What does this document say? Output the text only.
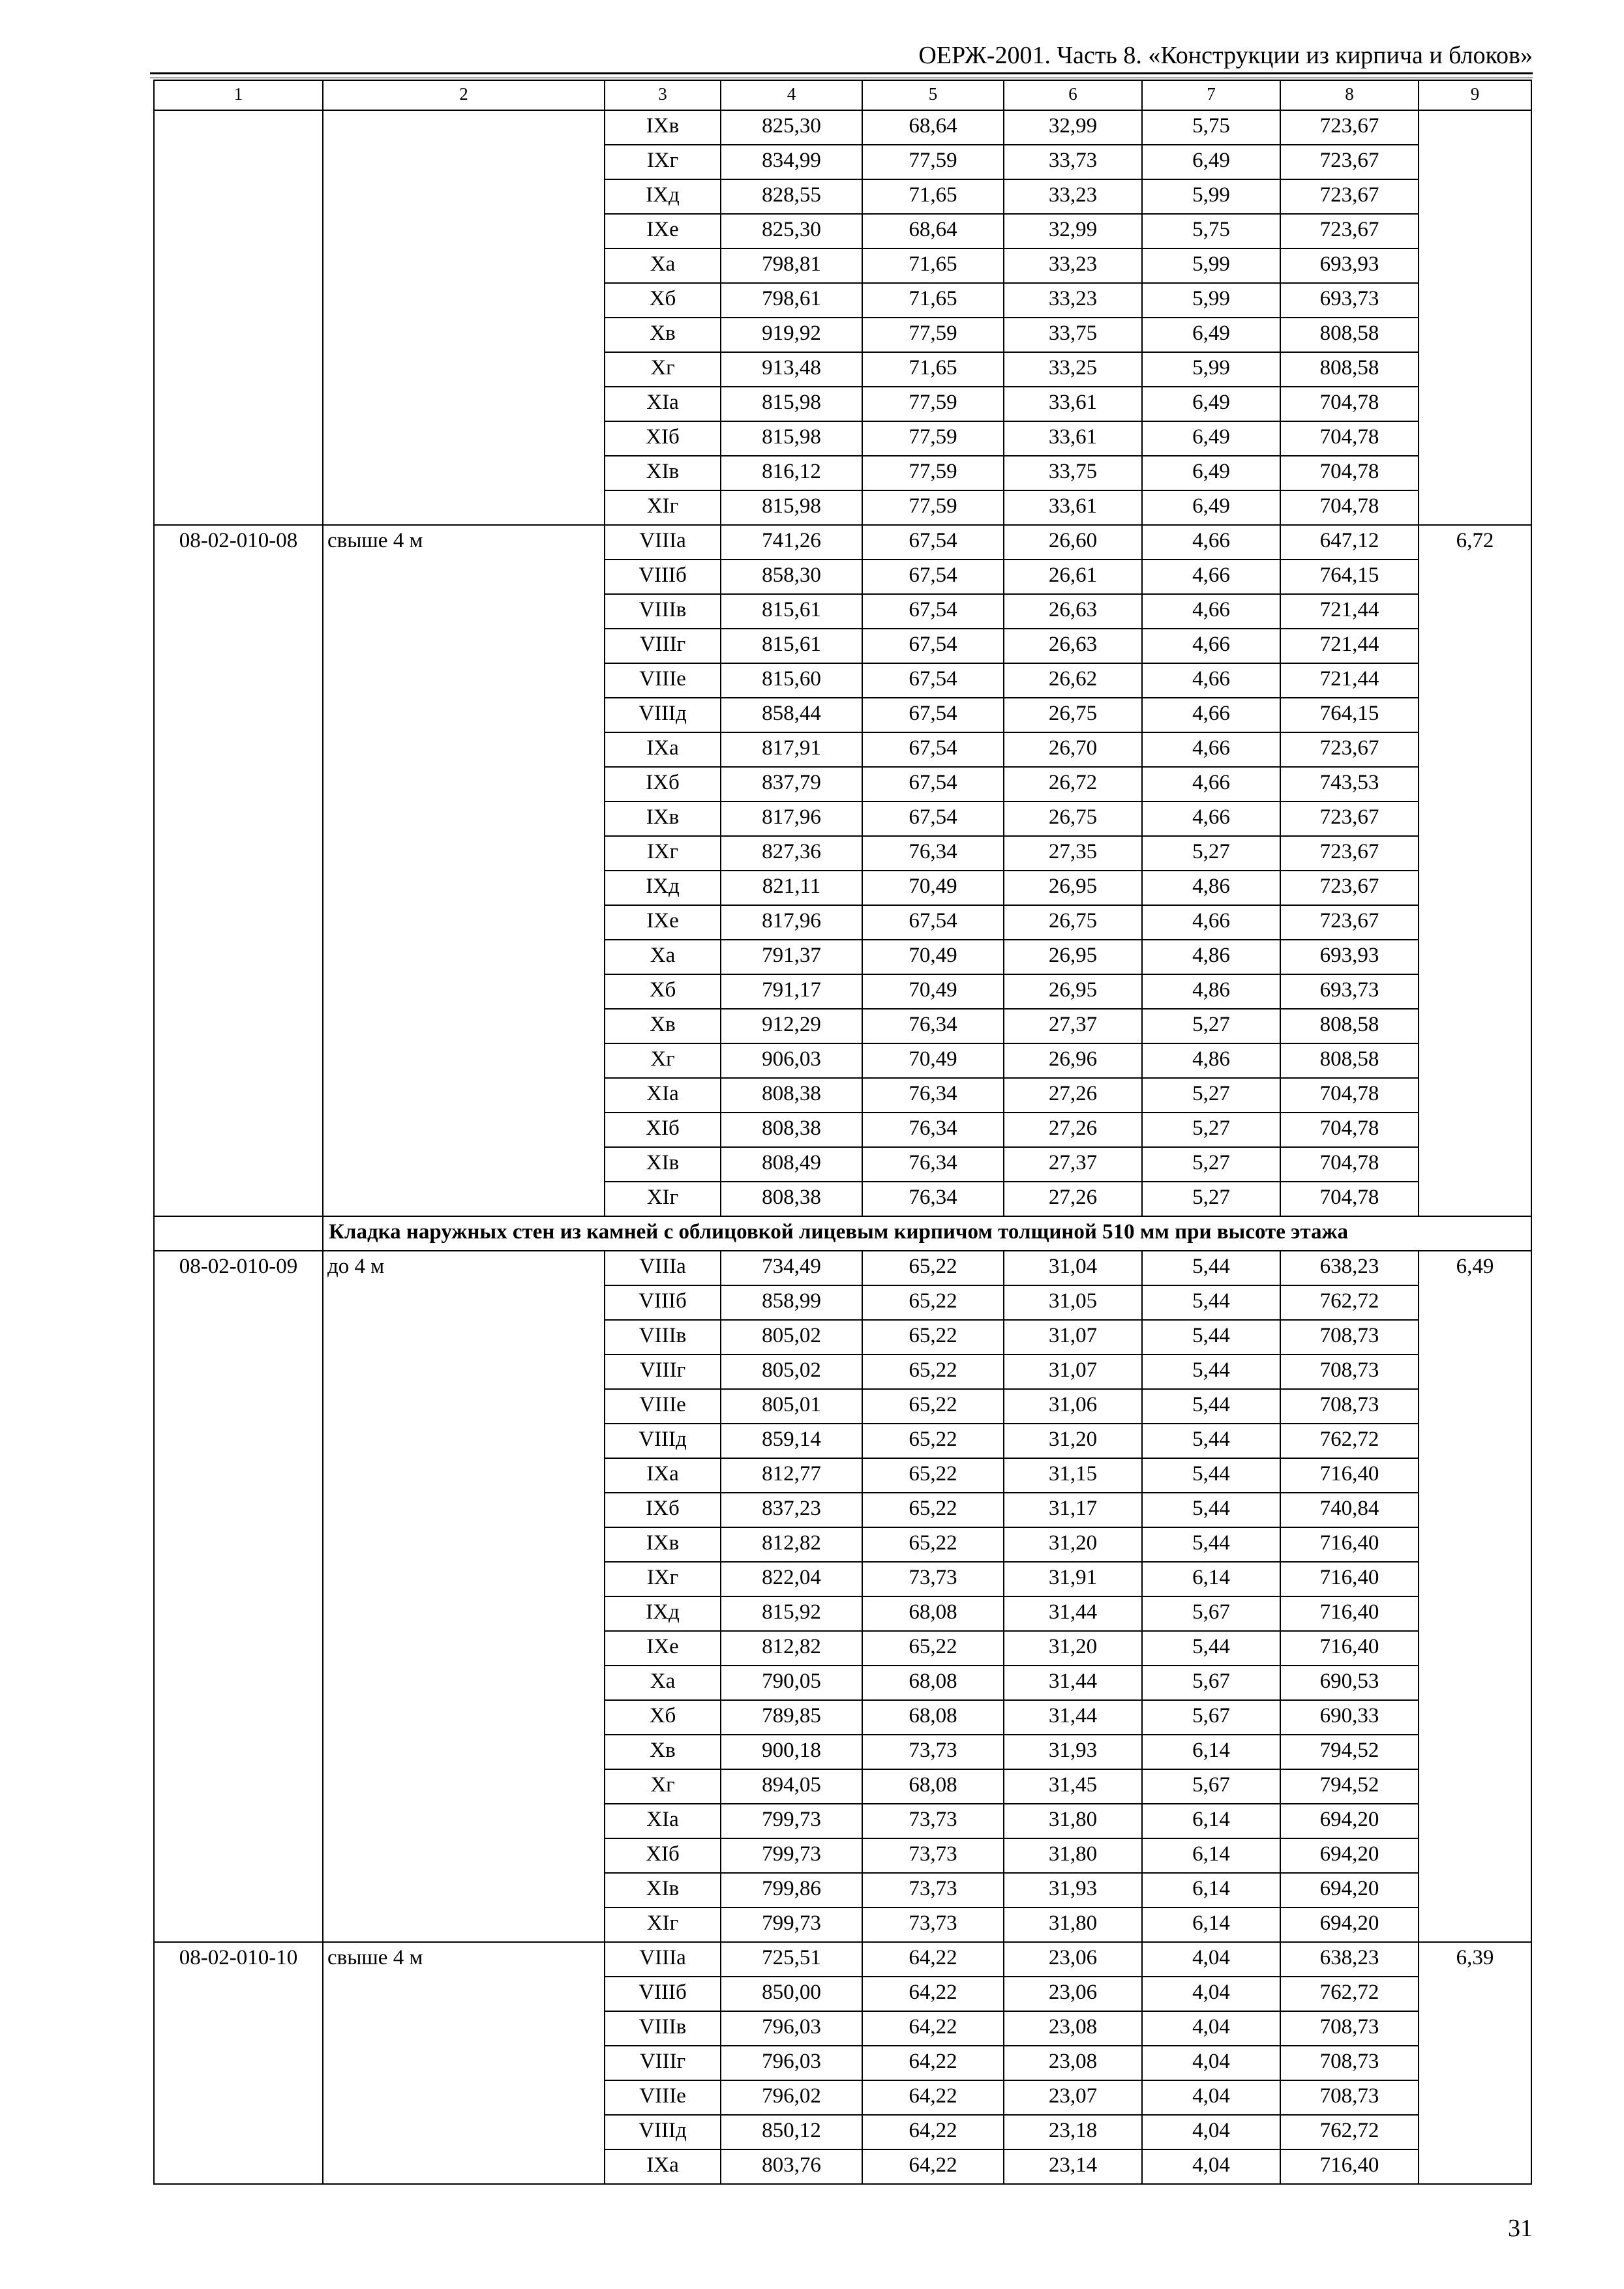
ОЕРЖ-2001. Часть 8. «Конструкции из кирпича и блоков»
1	2	3	4	5	6	7	8	9
		IXв	825,30	68,64	32,99	5,75	723,67	
		IXг	834,99	77,59	33,73	6,49	723,67	
		IXд	828,55	71,65	33,23	5,99	723,67	
		IXе	825,30	68,64	32,99	5,75	723,67	
		Xа	798,81	71,65	33,23	5,99	693,93	
		Xб	798,61	71,65	33,23	5,99	693,73	
		Xв	919,92	77,59	33,75	6,49	808,58	
		Xг	913,48	71,65	33,25	5,99	808,58	
		XIа	815,98	77,59	33,61	6,49	704,78	
		XIб	815,98	77,59	33,61	6,49	704,78	
		XIв	816,12	77,59	33,75	6,49	704,78	
		XIг	815,98	77,59	33,61	6,49	704,78	
08-02-010-08	свыше 4 м	VIIIа	741,26	67,54	26,60	4,66	647,12	6,72
		VIIIб	858,30	67,54	26,61	4,66	764,15	
		VIIIв	815,61	67,54	26,63	4,66	721,44	
		VIIIг	815,61	67,54	26,63	4,66	721,44	
		VIIIе	815,60	67,54	26,62	4,66	721,44	
		VIIIд	858,44	67,54	26,75	4,66	764,15	
		IXа	817,91	67,54	26,70	4,66	723,67	
		IXб	837,79	67,54	26,72	4,66	743,53	
		IXв	817,96	67,54	26,75	4,66	723,67	
		IXг	827,36	76,34	27,35	5,27	723,67	
		IXд	821,11	70,49	26,95	4,86	723,67	
		IXе	817,96	67,54	26,75	4,66	723,67	
		Xа	791,37	70,49	26,95	4,86	693,93	
		Xб	791,17	70,49	26,95	4,86	693,73	
		Xв	912,29	76,34	27,37	5,27	808,58	
		Xг	906,03	70,49	26,96	4,86	808,58	
		XIа	808,38	76,34	27,26	5,27	704,78	
		XIб	808,38	76,34	27,26	5,27	704,78	
		XIв	808,49	76,34	27,37	5,27	704,78	
		XIг	808,38	76,34	27,26	5,27	704,78	
	Кладка наружных стен из камней с облицовкой лицевым кирпичом толщиной 510 мм при высоте этажа							
08-02-010-09	до 4 м	VIIIа	734,49	65,22	31,04	5,44	638,23	6,49
		VIIIб	858,99	65,22	31,05	5,44	762,72	
		VIIIв	805,02	65,22	31,07	5,44	708,73	
		VIIIг	805,02	65,22	31,07	5,44	708,73	
		VIIIе	805,01	65,22	31,06	5,44	708,73	
		VIIIд	859,14	65,22	31,20	5,44	762,72	
		IXа	812,77	65,22	31,15	5,44	716,40	
		IXб	837,23	65,22	31,17	5,44	740,84	
		IXв	812,82	65,22	31,20	5,44	716,40	
		IXг	822,04	73,73	31,91	6,14	716,40	
		IXд	815,92	68,08	31,44	5,67	716,40	
		IXе	812,82	65,22	31,20	5,44	716,40	
		Xа	790,05	68,08	31,44	5,67	690,53	
		Xб	789,85	68,08	31,44	5,67	690,33	
		Xв	900,18	73,73	31,93	6,14	794,52	
		Xг	894,05	68,08	31,45	5,67	794,52	
		XIа	799,73	73,73	31,80	6,14	694,20	
		XIб	799,73	73,73	31,80	6,14	694,20	
		XIв	799,86	73,73	31,93	6,14	694,20	
		XIг	799,73	73,73	31,80	6,14	694,20	
08-02-010-10	свыше 4 м	VIIIа	725,51	64,22	23,06	4,04	638,23	6,39
		VIIIб	850,00	64,22	23,06	4,04	762,72	
		VIIIв	796,03	64,22	23,08	4,04	708,73	
		VIIIг	796,03	64,22	23,08	4,04	708,73	
		VIIIе	796,02	64,22	23,07	4,04	708,73	
		VIIIд	850,12	64,22	23,18	4,04	762,72	
		IXа	803,76	64,22	23,14	4,04	716,40	
31
